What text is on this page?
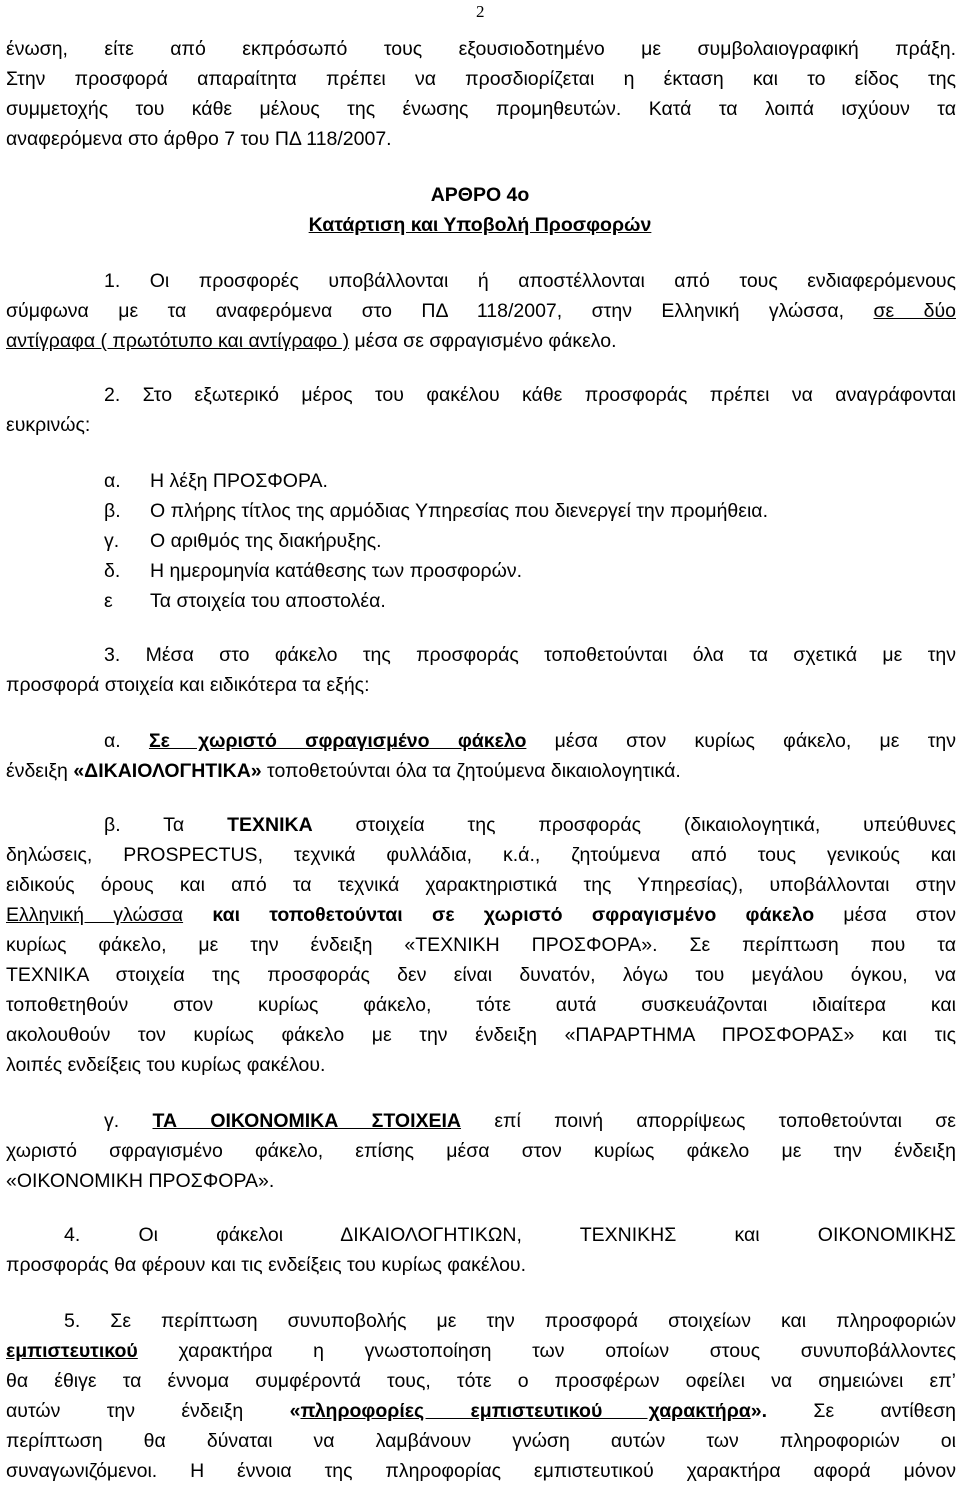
2
ένωση, είτε από εκπρόσωπό τους εξουσιοδοτημένο με συμβολαιογραφική πράξη.
Στην προσφορά απαραίτητα πρέπει να προσδιορίζεται η έκταση και το είδος της
συμμετοχής του κάθε μέλους της ένωσης προμηθευτών. Κατά τα λοιπά ισχύουν τα
αναφερόμενα στο άρθρο 7 του ΠΔ 118/2007.
ΑΡΘΡΟ 4ο
Κατάρτιση και Υποβολή Προσφορών
1. Οι προσφορές υποβάλλονται ή αποστέλλονται από τους ενδιαφερόμενους
σύμφωνα με τα αναφερόμενα στο ΠΔ 118/2007, στην Ελληνική γλώσσα, σε δύο
αντίγραφα ( πρωτότυπο και αντίγραφο ) μέσα σε σφραγισμένο φάκελο.
2. Στο εξωτερικό μέρος του φακέλου κάθε προσφοράς πρέπει να αναγράφονται
ευκρινώς:
α. Η λέξη ΠΡΟΣΦΟΡΑ.
β. Ο πλήρης τίτλος της αρμόδιας Υπηρεσίας που διενεργεί την προμήθεια.
γ. Ο αριθμός της διακήρυξης.
δ. Η ημερομηνία κατάθεσης των προσφορών.
ε Τα στοιχεία του αποστολέα.
3. Μέσα στο φάκελο της προσφοράς τοποθετούνται όλα τα σχετικά με την
προσφορά στοιχεία και ειδικότερα τα εξής:
α. Σε χωριστό σφραγισμένο φάκελο μέσα στον κυρίως φάκελο, με την
ένδειξη «ΔΙΚΑΙΟΛΟΓΗΤΙΚΑ» τοποθετούνται όλα τα ζητούμενα δικαιολογητικά.
β. Τα ΤΕΧΝΙΚΑ στοιχεία της προσφοράς (δικαιολογητικά, υπεύθυνες
δηλώσεις, PROSPECTUS, τεχνικά φυλλάδια, κ.ά., ζητούμενα από τους γενικούς και
ειδικούς όρους και από τα τεχνικά χαρακτηριστικά της Υπηρεσίας), υποβάλλονται στην
Ελληνική γλώσσα και τοποθετούνται σε χωριστό σφραγισμένο φάκελο μέσα στον
κυρίως φάκελο, με την ένδειξη «ΤΕΧΝΙΚΗ ΠΡΟΣΦΟΡΑ». Σε περίπτωση που τα
ΤΕΧΝΙΚΑ στοιχεία της προσφοράς δεν είναι δυνατόν, λόγω του μεγάλου όγκου, να
τοποθετηθούν στον κυρίως φάκελο, τότε αυτά συσκευάζονται ιδιαίτερα και
ακολουθούν τον κυρίως φάκελο με την ένδειξη «ΠΑΡΑΡΤΗΜΑ ΠΡΟΣΦΟΡΑΣ» και τις
λοιπές ενδείξεις του κυρίως φακέλου.
γ. ΤΑ ΟΙΚΟΝΟΜΙΚΑ ΣΤΟΙΧΕΙΑ επί ποινή απορρίψεως τοποθετούνται σε
χωριστό σφραγισμένο φάκελο, επίσης μέσα στον κυρίως φάκελο με την ένδειξη
«ΟΙΚΟΝΟΜΙΚΗ ΠΡΟΣΦΟΡΑ».
4. Οι φάκελοι ΔΙΚΑΙΟΛΟΓΗΤΙΚΩΝ, ΤΕΧΝΙΚΗΣ και ΟΙΚΟΝΟΜΙΚΗΣ
προσφοράς θα φέρουν και τις ενδείξεις του κυρίως φακέλου.
5. Σε περίπτωση συνυποβολής με την προσφορά στοιχείων και πληροφοριών
εμπιστευτικού χαρακτήρα η γνωστοποίηση των οποίων στους συνυποβάλλοντες
θα έθιγε τα έννομα συμφέροντά τους, τότε ο προσφέρων οφείλει να σημειώνει επ’
αυτών την ένδειξη «πληροφορίες εμπιστευτικού χαρακτήρα». Σε αντίθεση
περίπτωση θα δύναται να λαμβάνουν γνώση αυτών των πληροφοριών οι
συναγωνιζόμενοι. Η έννοια της πληροφορίας εμπιστευτικού χαρακτήρα αφορά μόνον
